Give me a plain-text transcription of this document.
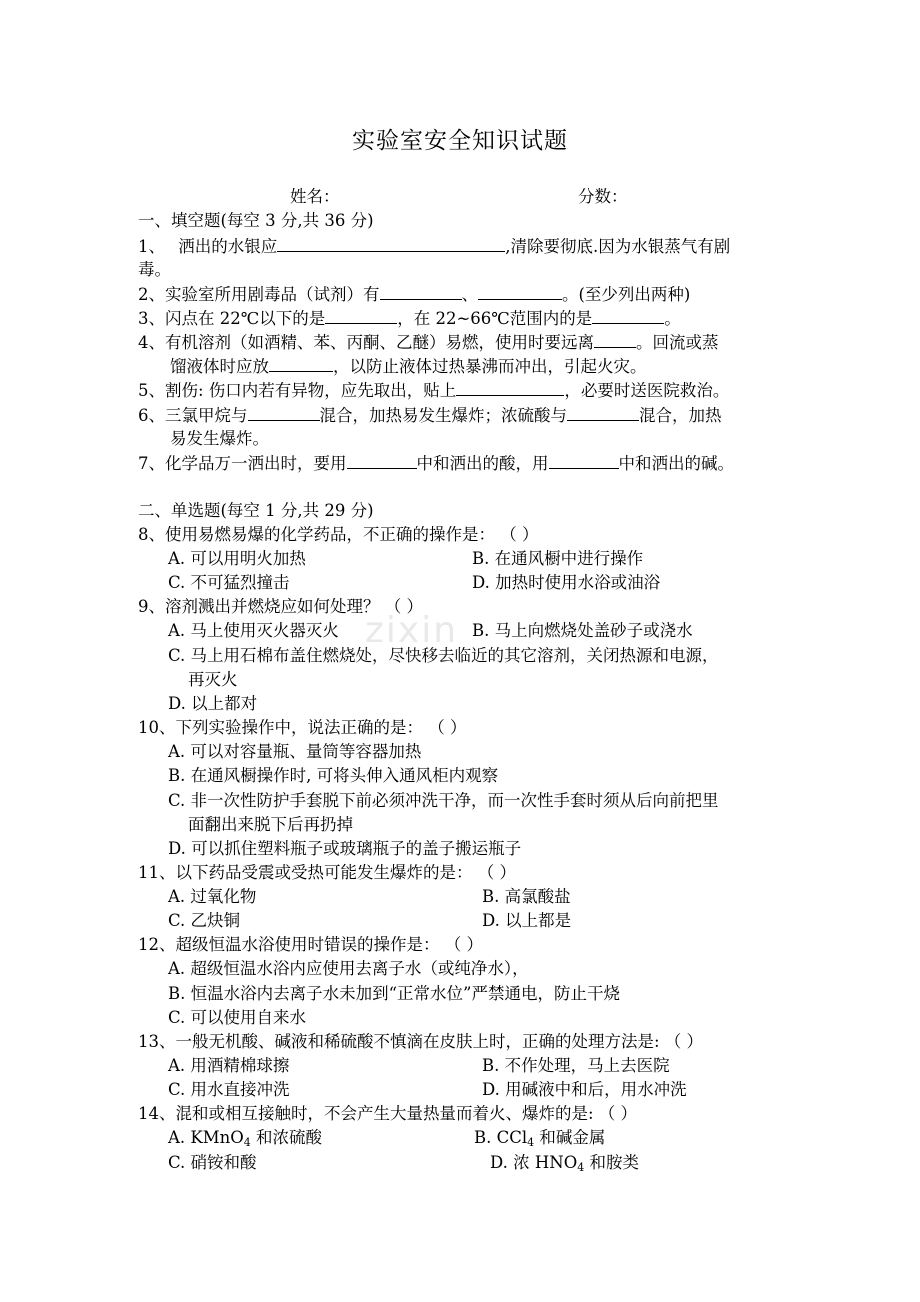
zixin
实验室安全知识试题
姓名：	分数：
一、填空题(每空 3 分,共 36 分)
1、 洒出的水银应	,清除要彻底.因为水银蒸气有剧
毒。
2、实验室所用剧毒品（试剂）有	、	。(至少列出两种)
3、闪点在 22℃以下的是	，在 22~66℃范围内的是	。
4、有机溶剂（如酒精、苯、丙酮、乙醚）易燃，使用时要远离	。回流或蒸
馏液体时应放	，以防止液体过热暴沸而冲出，引起火灾。
5、割伤: 伤口内若有异物，应先取出，贴上	，必要时送医院救治。
6、三氯甲烷与	混合，加热易发生爆炸；浓硫酸与	混合，加热
易发生爆炸。
7、化学品万一洒出时，要用	中和洒出的酸，用	中和洒出的碱。
二、单选题(每空 1 分,共 29 分)
8、使用易燃易爆的化学药品，不正确的操作是： （ ）
A. 可以用明火加热	B. 在通风橱中进行操作
C. 不可猛烈撞击	D. 加热时使用水浴或油浴
9、溶剂溅出并燃烧应如何处理？ （ ）
A. 马上使用灭火器灭火	B. 马上向燃烧处盖砂子或浇水
C. 马上用石棉布盖住燃烧处，尽快移去临近的其它溶剂，关闭热源和电源，
再灭火
D. 以上都对
10、下列实验操作中，说法正确的是： （ ）
A. 可以对容量瓶、量筒等容器加热
B. 在通风橱操作时, 可将头伸入通风柜内观察
C. 非一次性防护手套脱下前必须冲洗干净，而一次性手套时须从后向前把里
面翻出来脱下后再扔掉
D. 可以抓住塑料瓶子或玻璃瓶子的盖子搬运瓶子
11、以下药品受震或受热可能发生爆炸的是： （ ）
A. 过氧化物	B. 高氯酸盐
C. 乙炔铜	D. 以上都是
12、超级恒温水浴使用时错误的操作是： （ ）
A. 超级恒温水浴内应使用去离子水（或纯净水），
B. 恒温水浴内去离子水未加到“正常水位”严禁通电，防止干烧
C. 可以使用自来水
13、一般无机酸、碱液和稀硫酸不慎滴在皮肤上时，正确的处理方法是: （ ）
A. 用酒精棉球擦	B. 不作处理，马上去医院
C. 用水直接冲洗	D. 用碱液中和后，用水冲洗
14、混和或相互接触时，不会产生大量热量而着火、爆炸的是: （ ）
A. KMnO$_4$ 和浓硫酸	B. CCl$_4$ 和碱金属
C. 硝铵和酸	D. 浓 $HNO_4$ 和胺类
